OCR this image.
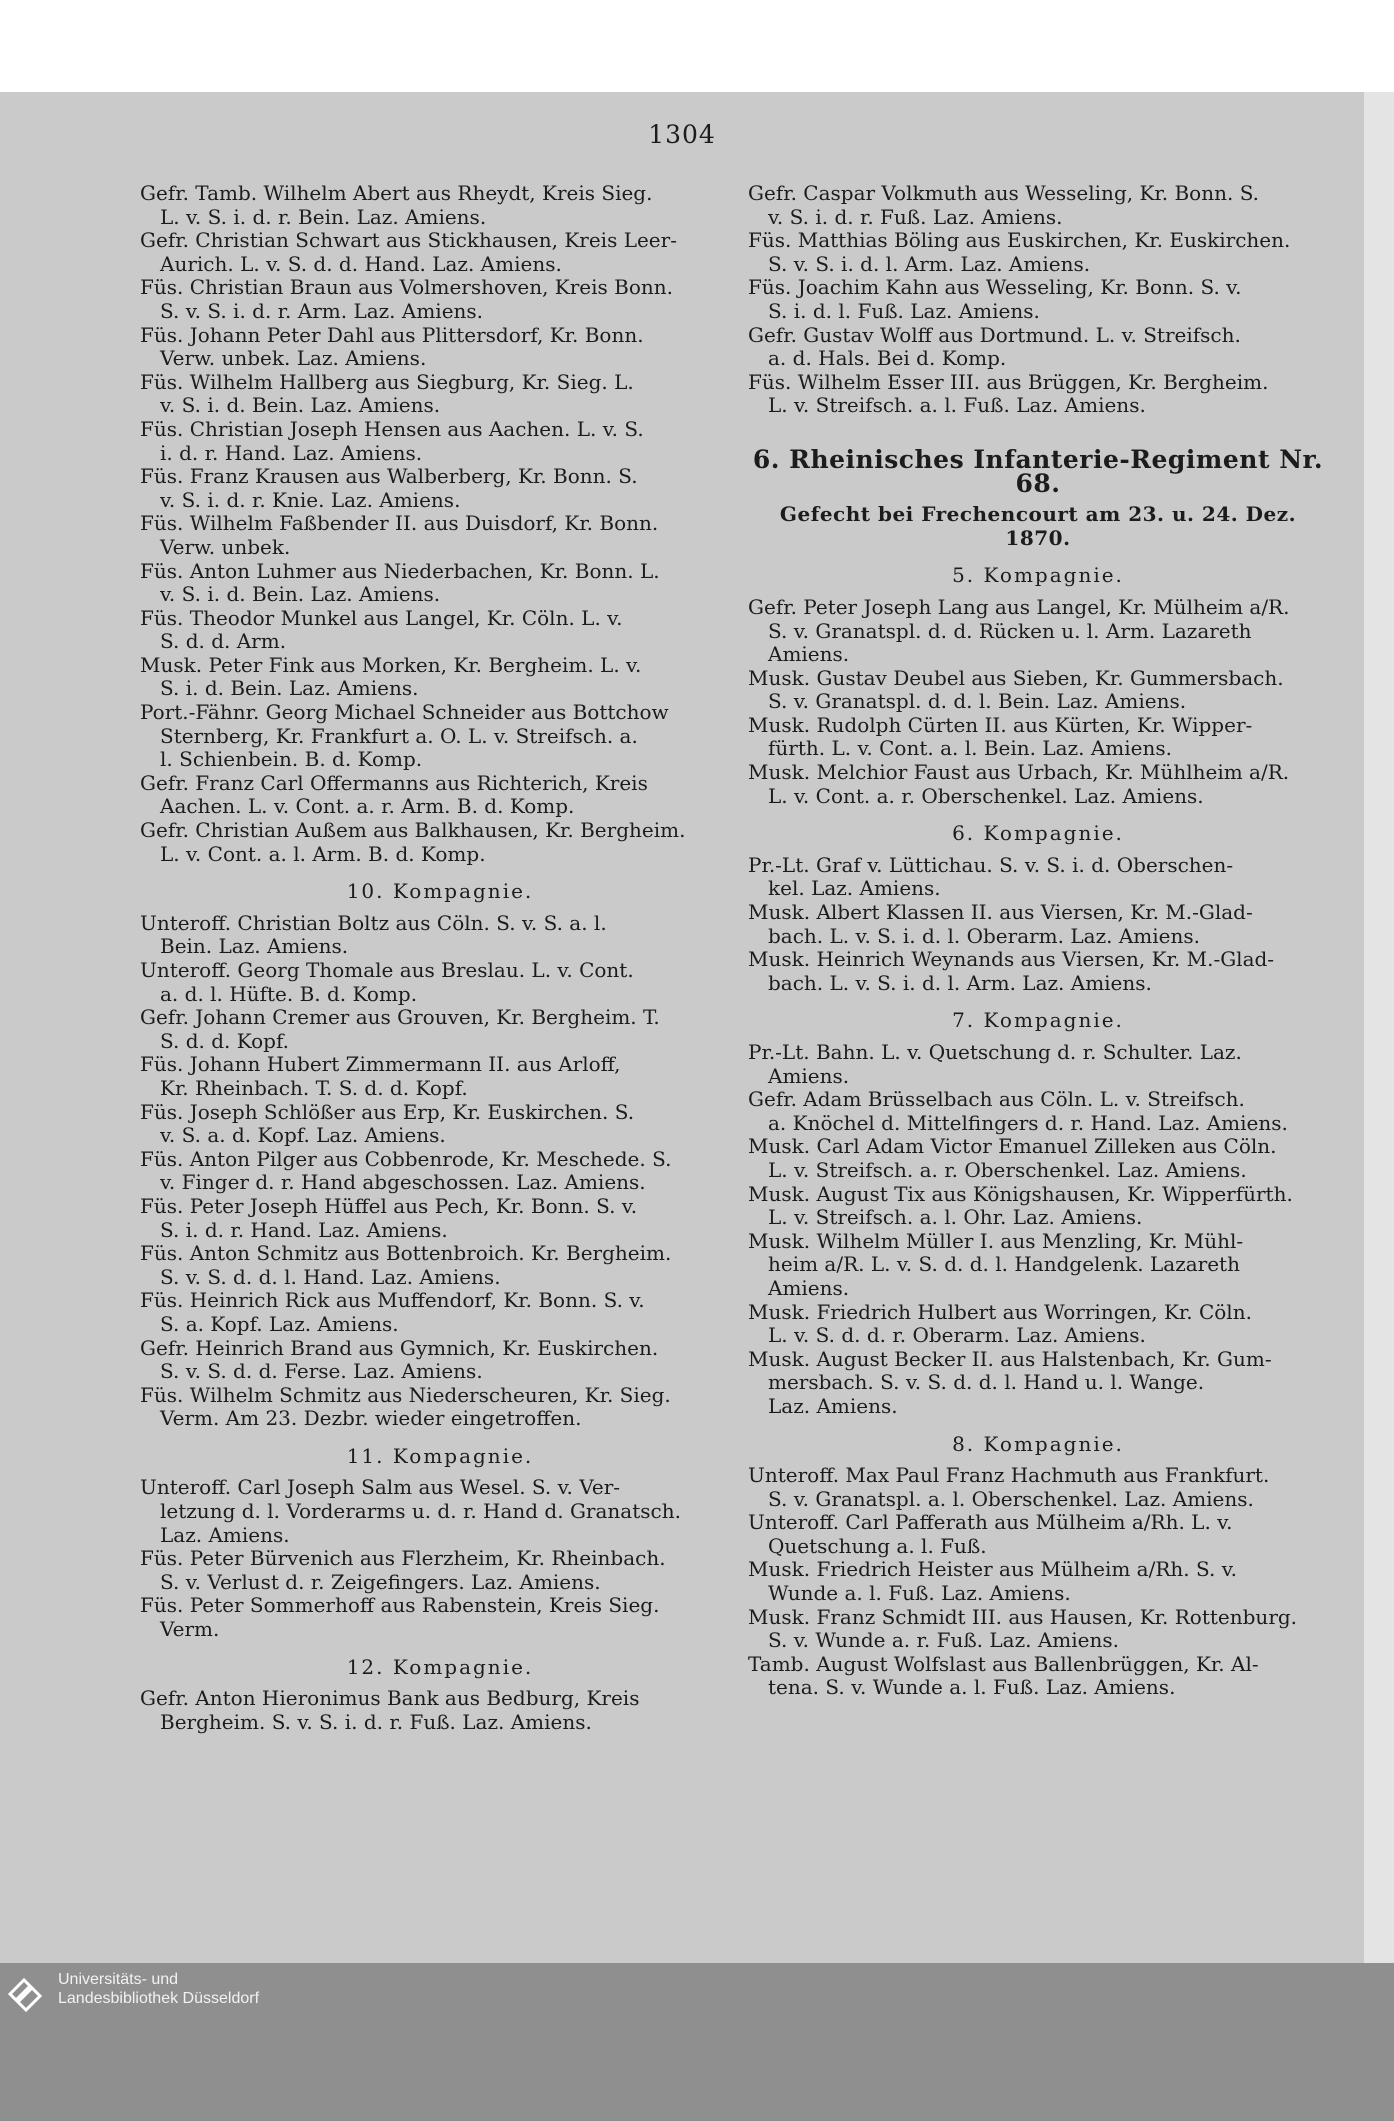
1304
Gefr. Tamb. Wilhelm Abert aus Rheydt, Kreis Sieg.
L. v. S. i. d. r. Bein. Laz. Amiens.
Gefr. Christian Schwart aus Stickhausen, Kreis Leer-
Aurich. L. v. S. d. d. Hand. Laz. Amiens.
Füs. Christian Braun aus Volmershoven, Kreis Bonn.
S. v. S. i. d. r. Arm. Laz. Amiens.
Füs. Johann Peter Dahl aus Plittersdorf, Kr. Bonn.
Verw. unbek. Laz. Amiens.
Füs. Wilhelm Hallberg aus Siegburg, Kr. Sieg. L.
v. S. i. d. Bein. Laz. Amiens.
Füs. Christian Joseph Hensen aus Aachen. L. v. S.
i. d. r. Hand. Laz. Amiens.
Füs. Franz Krausen aus Walberberg, Kr. Bonn. S.
v. S. i. d. r. Knie. Laz. Amiens.
Füs. Wilhelm Faßbender II. aus Duisdorf, Kr. Bonn.
Verw. unbek.
Füs. Anton Luhmer aus Niederbachen, Kr. Bonn. L.
v. S. i. d. Bein. Laz. Amiens.
Füs. Theodor Munkel aus Langel, Kr. Cöln. L. v.
S. d. d. Arm.
Musk. Peter Fink aus Morken, Kr. Bergheim. L. v.
S. i. d. Bein. Laz. Amiens.
Port.-Fähnr. Georg Michael Schneider aus Bottchow
Sternberg, Kr. Frankfurt a. O. L. v. Streifsch. a.
l. Schienbein. B. d. Komp.
Gefr. Franz Carl Offermanns aus Richterich, Kreis
Aachen. L. v. Cont. a. r. Arm. B. d. Komp.
Gefr. Christian Außem aus Balkhausen, Kr. Bergheim.
L. v. Cont. a. l. Arm. B. d. Komp.
10. Kompagnie.
Unteroff. Christian Boltz aus Cöln. S. v. S. a. l.
Bein. Laz. Amiens.
Unteroff. Georg Thomale aus Breslau. L. v. Cont.
a. d. l. Hüfte. B. d. Komp.
Gefr. Johann Cremer aus Grouven, Kr. Bergheim. T.
S. d. d. Kopf.
Füs. Johann Hubert Zimmermann II. aus Arloff,
Kr. Rheinbach. T. S. d. d. Kopf.
Füs. Joseph Schlößer aus Erp, Kr. Euskirchen. S.
v. S. a. d. Kopf. Laz. Amiens.
Füs. Anton Pilger aus Cobbenrode, Kr. Meschede. S.
v. Finger d. r. Hand abgeschossen. Laz. Amiens.
Füs. Peter Joseph Hüffel aus Pech, Kr. Bonn. S. v.
S. i. d. r. Hand. Laz. Amiens.
Füs. Anton Schmitz aus Bottenbroich. Kr. Bergheim.
S. v. S. d. d. l. Hand. Laz. Amiens.
Füs. Heinrich Rick aus Muffendorf, Kr. Bonn. S. v.
S. a. Kopf. Laz. Amiens.
Gefr. Heinrich Brand aus Gymnich, Kr. Euskirchen.
S. v. S. d. d. Ferse. Laz. Amiens.
Füs. Wilhelm Schmitz aus Niederscheuren, Kr. Sieg.
Verm. Am 23. Dezbr. wieder eingetroffen.
11. Kompagnie.
Unteroff. Carl Joseph Salm aus Wesel. S. v. Ver-
letzung d. l. Vorderarms u. d. r. Hand d. Granatsch.
Laz. Amiens.
Füs. Peter Bürvenich aus Flerzheim, Kr. Rheinbach.
S. v. Verlust d. r. Zeigefingers. Laz. Amiens.
Füs. Peter Sommerhoff aus Rabenstein, Kreis Sieg.
Verm.
12. Kompagnie.
Gefr. Anton Hieronimus Bank aus Bedburg, Kreis
Bergheim. S. v. S. i. d. r. Fuß. Laz. Amiens.
Gefr. Caspar Volkmuth aus Wesseling, Kr. Bonn. S.
v. S. i. d. r. Fuß. Laz. Amiens.
Füs. Matthias Böling aus Euskirchen, Kr. Euskirchen.
S. v. S. i. d. l. Arm. Laz. Amiens.
Füs. Joachim Kahn aus Wesseling, Kr. Bonn. S. v.
S. i. d. l. Fuß. Laz. Amiens.
Gefr. Gustav Wolff aus Dortmund. L. v. Streifsch.
a. d. Hals. Bei d. Komp.
Füs. Wilhelm Esser III. aus Brüggen, Kr. Bergheim.
L. v. Streifsch. a. l. Fuß. Laz. Amiens.
6. Rheinisches Infanterie-Regiment Nr. 68.
Gefecht bei Frechencourt am 23. u. 24. Dez. 1870.
5. Kompagnie.
Gefr. Peter Joseph Lang aus Langel, Kr. Mülheim a/R.
S. v. Granatspl. d. d. Rücken u. l. Arm. Lazareth
Amiens.
Musk. Gustav Deubel aus Sieben, Kr. Gummersbach.
S. v. Granatspl. d. d. l. Bein. Laz. Amiens.
Musk. Rudolph Cürten II. aus Kürten, Kr. Wipper-
fürth. L. v. Cont. a. l. Bein. Laz. Amiens.
Musk. Melchior Faust aus Urbach, Kr. Mühlheim a/R.
L. v. Cont. a. r. Oberschenkel. Laz. Amiens.
6. Kompagnie.
Pr.-Lt. Graf v. Lüttichau. S. v. S. i. d. Oberschen-
kel. Laz. Amiens.
Musk. Albert Klassen II. aus Viersen, Kr. M.-Glad-
bach. L. v. S. i. d. l. Oberarm. Laz. Amiens.
Musk. Heinrich Weynands aus Viersen, Kr. M.-Glad-
bach. L. v. S. i. d. l. Arm. Laz. Amiens.
7. Kompagnie.
Pr.-Lt. Bahn. L. v. Quetschung d. r. Schulter. Laz.
Amiens.
Gefr. Adam Brüsselbach aus Cöln. L. v. Streifsch.
a. Knöchel d. Mittelfingers d. r. Hand. Laz. Amiens.
Musk. Carl Adam Victor Emanuel Zilleken aus Cöln.
L. v. Streifsch. a. r. Oberschenkel. Laz. Amiens.
Musk. August Tix aus Königshausen, Kr. Wipperfürth.
L. v. Streifsch. a. l. Ohr. Laz. Amiens.
Musk. Wilhelm Müller I. aus Menzling, Kr. Mühl-
heim a/R. L. v. S. d. d. l. Handgelenk. Lazareth
Amiens.
Musk. Friedrich Hulbert aus Worringen, Kr. Cöln.
L. v. S. d. d. r. Oberarm. Laz. Amiens.
Musk. August Becker II. aus Halstenbach, Kr. Gum-
mersbach. S. v. S. d. d. l. Hand u. l. Wange.
Laz. Amiens.
8. Kompagnie.
Unteroff. Max Paul Franz Hachmuth aus Frankfurt.
S. v. Granatspl. a. l. Oberschenkel. Laz. Amiens.
Unteroff. Carl Pafferath aus Mülheim a/Rh. L. v.
Quetschung a. l. Fuß.
Musk. Friedrich Heister aus Mülheim a/Rh. S. v.
Wunde a. l. Fuß. Laz. Amiens.
Musk. Franz Schmidt III. aus Hausen, Kr. Rottenburg.
S. v. Wunde a. r. Fuß. Laz. Amiens.
Tamb. August Wolfslast aus Ballenbrüggen, Kr. Al-
tena. S. v. Wunde a. l. Fuß. Laz. Amiens.
Universitäts- und
Landesbibliothek Düsseldorf
